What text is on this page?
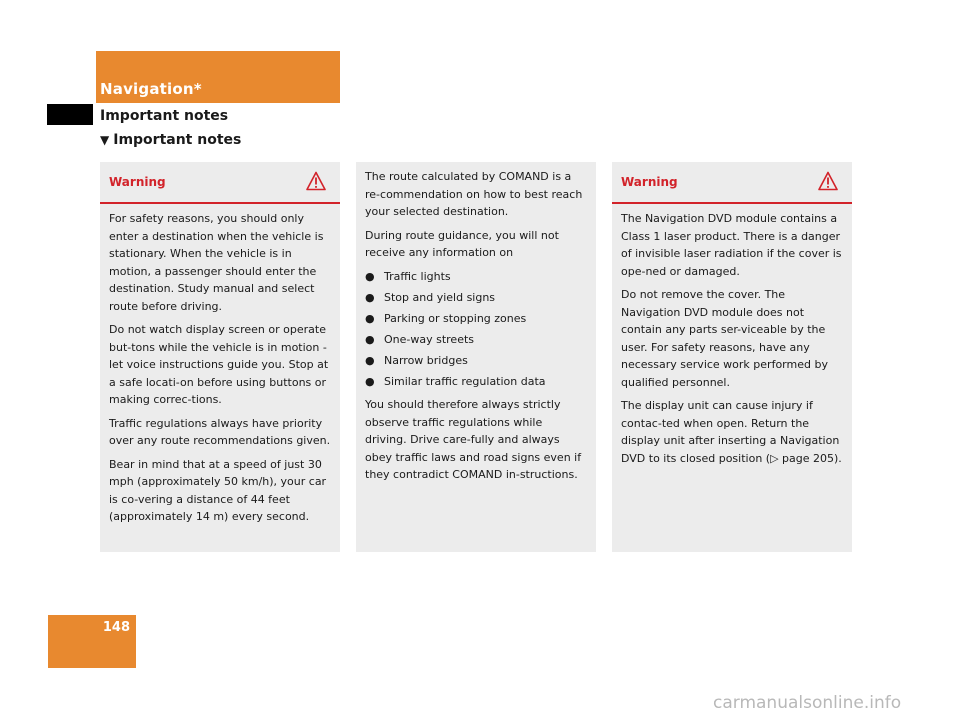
Navigation*
Important notes
▼ Important notes
Warning

For safety reasons, you should only enter a destination when the vehicle is stationary. When the vehicle is in motion, a passenger should enter the destination. Study manual and select route before driving.

Do not watch display screen or operate but-tons while the vehicle is in motion - let voice instructions guide you. Stop at a safe locati-on before using buttons or making correc-tions.

Traffic regulations always have priority over any route recommendations given.

Bear in mind that at a speed of just 30 mph (approximately 50 km/h), your car is co-vering a distance of 44 feet (approximately 14 m) every second.

The route calculated by COMAND is a re-commendation on how to best reach your selected destination.

During route guidance, you will not receive any information on

● Traffic lights
● Stop and yield signs
● Parking or stopping zones
● One-way streets
● Narrow bridges
● Similar traffic regulation data

You should therefore always strictly observe traffic regulations while driving. Drive care-fully and always obey traffic laws and road signs even if they contradict COMAND in-structions.

Warning

The Navigation DVD module contains a Class 1 laser product. There is a danger of invisible laser radiation if the cover is ope-ned or damaged.

Do not remove the cover. The Navigation DVD module does not contain any parts ser-viceable by the user. For safety reasons, have any necessary service work performed by qualified personnel.

The display unit can cause injury if contac-ted when open. Return the display unit after inserting a Navigation DVD to its closed position (▷ page 205).

148
carmanualsonline.info
